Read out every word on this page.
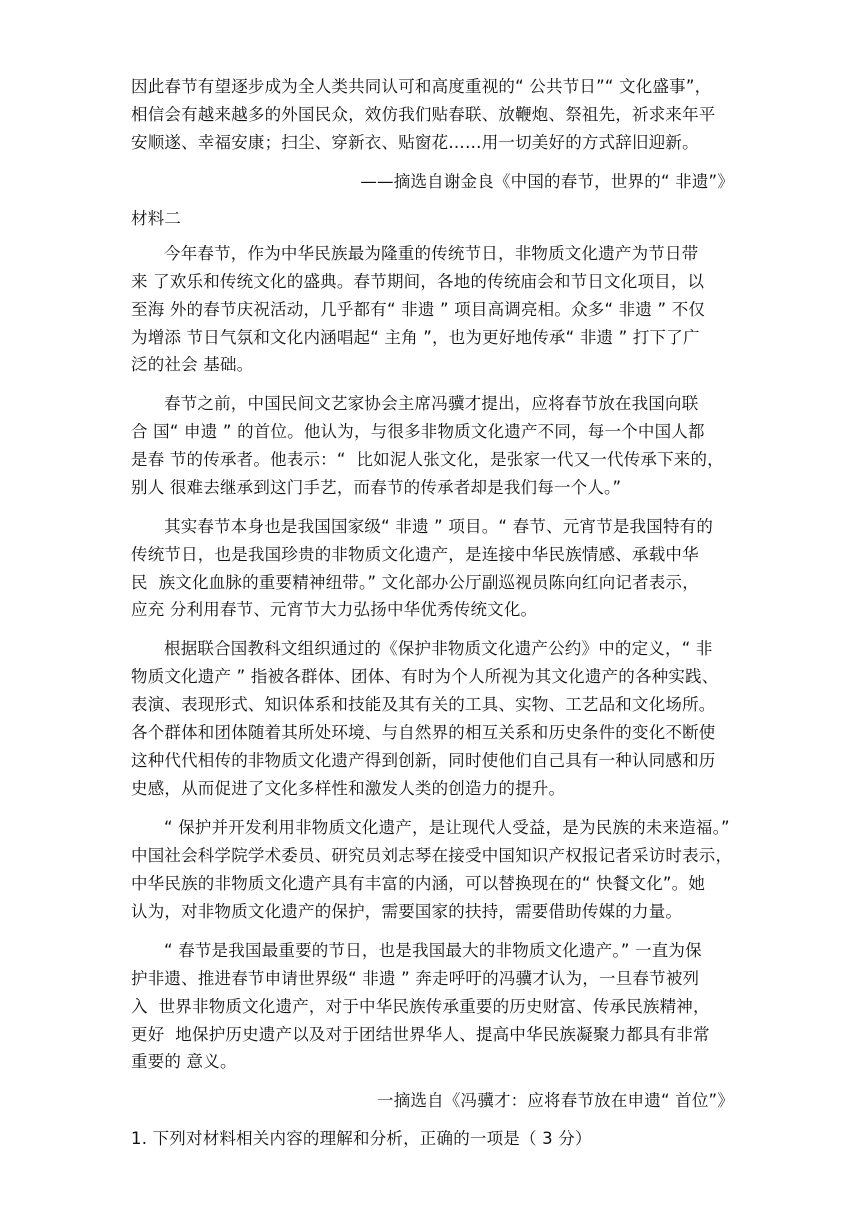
因此春节有望逐步成为全人类共同认可和高度重视的“ 公共节日”“ 文化盛事”，
相信会有越来越多的外国民众，效仿我们贴春联、放鞭炮、祭祖先，祈求来年平
安顺遂、幸福安康；扫尘、穿新衣、贴窗花……用一切美好的方式辞旧迎新。
——摘选自谢金良《中国的春节，世界的“ 非遗”》
材料二
今年春节，作为中华民族最为隆重的传统节日，非物质文化遗产为节日带
来 了欢乐和传统文化的盛典。春节期间，各地的传统庙会和节日文化项目，以
至海 外的春节庆祝活动，几乎都有“ 非遗 ” 项目高调亮相。众多“ 非遗 ” 不仅
为增添 节日气氛和文化内涵唱起“ 主角 ”，也为更好地传承“ 非遗 ” 打下了广
泛的社会 基础。
春节之前，中国民间文艺家协会主席冯骥才提出，应将春节放在我国向联
合 国“ 申遗 ” 的首位。他认为，与很多非物质文化遗产不同，每一个中国人都
是春 节的传承者。他表示：“  比如泥人张文化，是张家一代又一代传承下来的，
别人 很难去继承到这门手艺，而春节的传承者却是我们每一个人。”
其实春节本身也是我国国家级“ 非遗 ” 项目。“ 春节、元宵节是我国特有的
传统节日，也是我国珍贵的非物质文化遗产，是连接中华民族情感、承载中华
民  族文化血脉的重要精神纽带。” 文化部办公厅副巡视员陈向红向记者表示，
应充 分利用春节、元宵节大力弘扬中华优秀传统文化。
根据联合国教科文组织通过的《保护非物质文化遗产公约》中的定义，“ 非
物质文化遗产 ” 指被各群体、团体、有时为个人所视为其文化遗产的各种实践、
表演、表现形式、知识体系和技能及其有关的工具、实物、工艺品和文化场所。
各个群体和团体随着其所处环境、与自然界的相互关系和历史条件的变化不断使
这种代代相传的非物质文化遗产得到创新，同时使他们自己具有一种认同感和历
史感，从而促进了文化多样性和激发人类的创造力的提升。
“ 保护并开发利用非物质文化遗产，是让现代人受益，是为民族的未来造福。”
中国社会科学院学术委员、研究员刘志琴在接受中国知识产权报记者采访时表示，
中华民族的非物质文化遗产具有丰富的内涵，可以替换现在的“ 快餐文化”。她
认为，对非物质文化遗产的保护，需要国家的扶持，需要借助传媒的力量。
“ 春节是我国最重要的节日，也是我国最大的非物质文化遗产。” 一直为保
护非遗、推进春节申请世界级“ 非遗 ” 奔走呼吁的冯骥才认为，一旦春节被列
入  世界非物质文化遗产，对于中华民族传承重要的历史财富、传承民族精神，
更好  地保护历史遗产以及对于团结世界华人、提高中华民族凝聚力都具有非常
重要的 意义。
一摘选自《冯骥才：应将春节放在申遗“ 首位”》
1. 下列对材料相关内容的理解和分析，正确的一项是（ 3 分）
